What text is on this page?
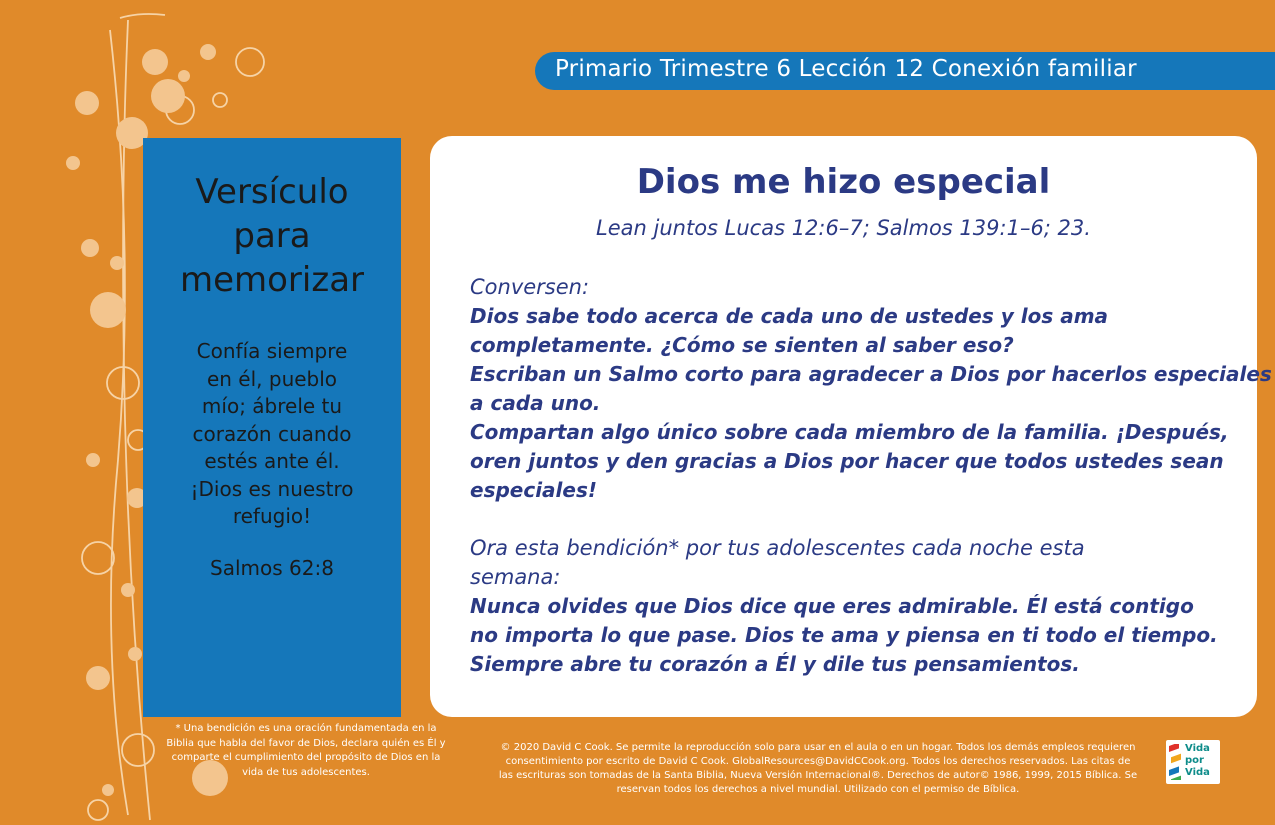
Primario Trimestre 6 Lección 12 Conexión familiar
Versículo
para
memorizar
Confía siempre
en él, pueblo
mío; ábrele tu
corazón cuando
estés ante él.
¡Dios es nuestro
refugio!
Salmos 62:8
Dios me hizo especial
Lean juntos Lucas 12:6–7; Salmos 139:1–6; 23.
Conversen:
Dios sabe todo acerca de cada uno de ustedes y los ama
completamente. ¿Cómo se sienten al saber eso?
Escriban un Salmo corto para agradecer a Dios por hacerlos especiales
a cada uno.
Compartan algo único sobre cada miembro de la familia. ¡Después,
oren juntos y den gracias a Dios por hacer que todos ustedes sean
especiales!
Ora esta bendición* por tus adolescentes cada noche esta
semana:
Nunca olvides que Dios dice que eres admirable. Él está contigo
no importa lo que pase. Dios te ama y piensa en ti todo el tiempo.
Siempre abre tu corazón a Él y dile tus pensamientos.
* Una bendición es una oración fundamentada en la
Biblia que habla del favor de Dios, declara quién es Él y
comparte el cumplimiento del propósito de Dios en la
vida de tus adolescentes.
© 2020 David C Cook. Se permite la reproducción solo para usar en el aula o en un hogar. Todos los demás empleos requieren
consentimiento por escrito de David C Cook. GlobalResources@DavidCCook.org. Todos los derechos reservados. Las citas de
las escrituras son tomadas de la Santa Biblia, Nueva Versión Internacional®. Derechos de autor© 1986, 1999, 2015 Bíblica. Se
reservan todos los derechos a nivel mundial. Utilizado con el permiso de Bíblica.
Vida
por
Vida
